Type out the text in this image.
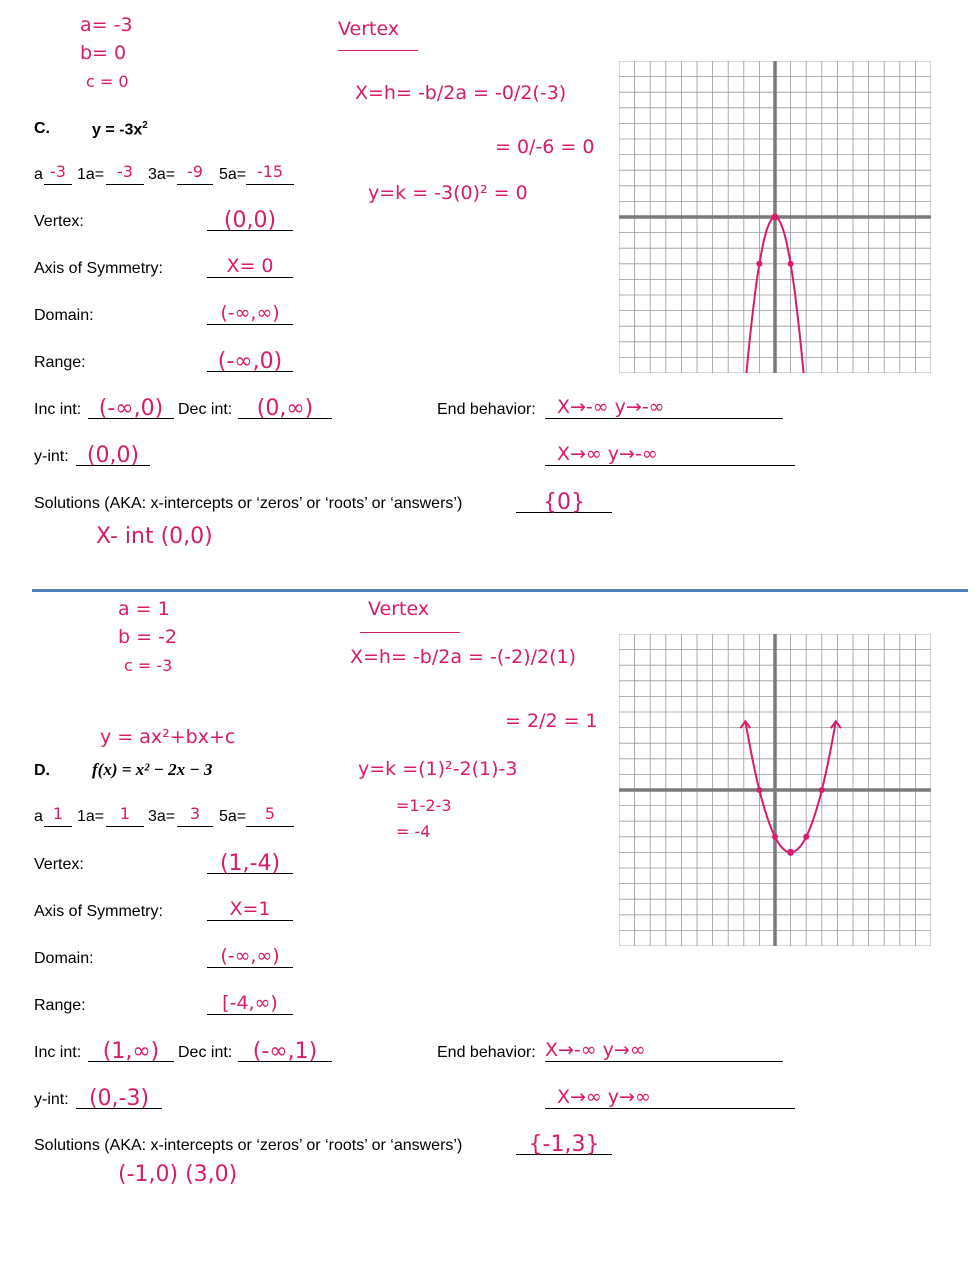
a= -3
b= 0
c = 0
Vertex
X=h= -b/2a = -0/2(-3)
= 0/-6 = 0
y=k = -3(0)² = 0
C.	$y = -3x^2$
a -3 1a= -3 3a= -9	5a= -15
Vertex:	(0,0)
Axis of Symmetry:	X= 0
Domain:	(-∞,∞)
Range:	(-∞,0)
Inc int: (-∞,0) Dec int:	(0,∞)	End behavior:	X→-∞ y→-∞
X→∞ y→-∞
y-int: (0,0)
Solutions (AKA: x-intercepts or ‘zeros’ or ‘roots’ or ‘answers’)	{0}
X- int (0,0)
a = 1
b = -2
c = -3
y = ax²+bx+c
Vertex
X=h= -b/2a = -(-2)/2(1)
= 2/2 = 1
y=k =(1)²-2(1)-3
=1-2-3
= -4
D. f(x) = x² − 2x − 3
a 1 1a= 1	3a= 3	5a=	5
Vertex:	(1,-4)
Axis of Symmetry:	X=1
Domain:	(-∞,∞)
Range:	[-4,∞)
Inc int: (1,∞)	Dec int: (-∞,1)	End behavior: X→-∞ y→∞
X→∞ y→∞
y-int: (0,-3)
Solutions (AKA: x-intercepts or ‘zeros’ or ‘roots’ or ‘answers’)	{-1,3}
(-1,0) (3,0)
